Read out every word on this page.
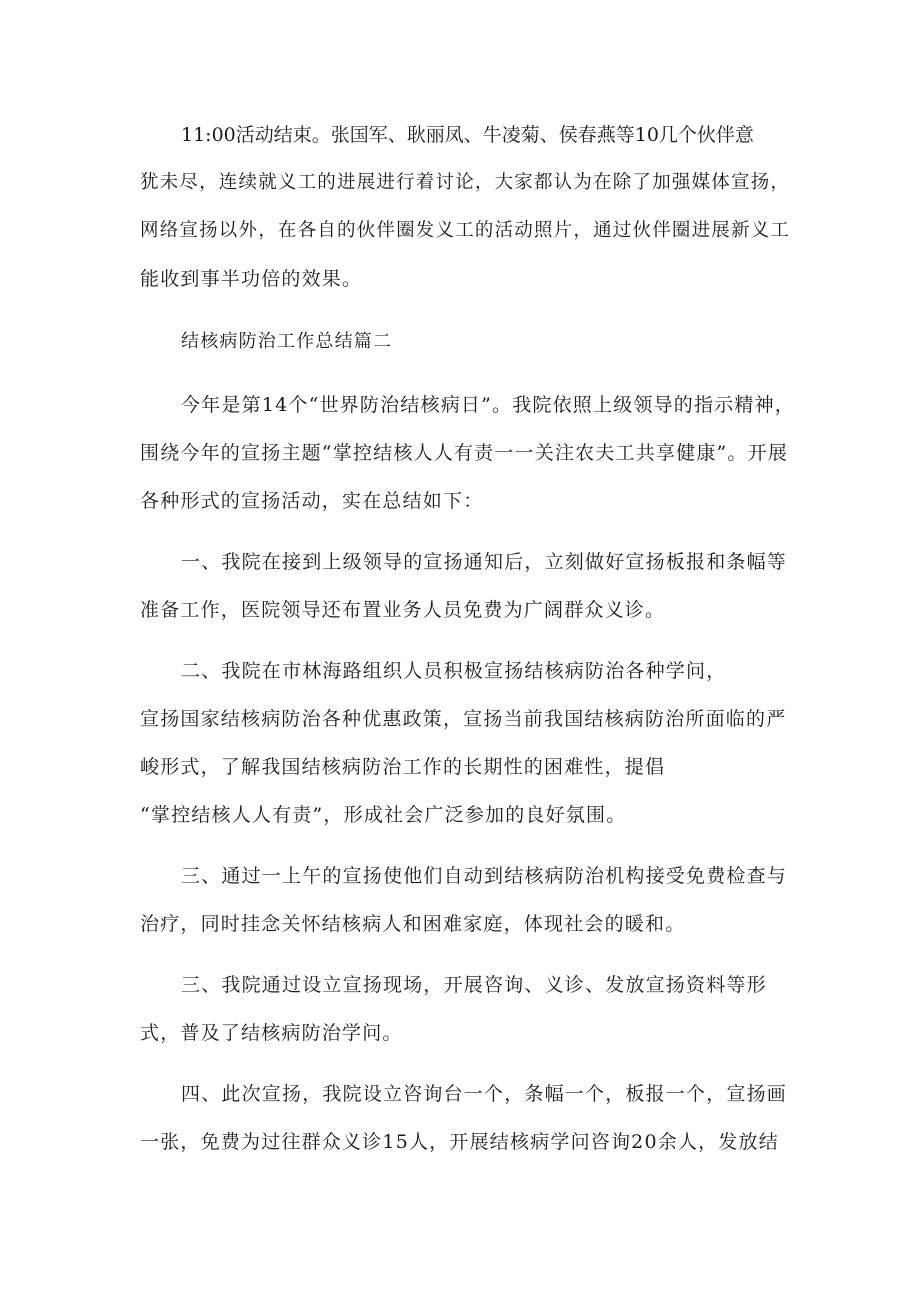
11:00活动结束。张国军、耿丽凤、牛凌菊、侯春燕等10几个伙伴意
犹未尽，连续就义工的进展进行着讨论，大家都认为在除了加强媒体宣扬，
网络宣扬以外，在各自的伙伴圈发义工的活动照片，通过伙伴圈进展新义工
能收到事半功倍的效果。
结核病防治工作总结篇二
今年是第14个“世界防治结核病日”。我院依照上级领导的指示精神，
围绕今年的宣扬主题“掌控结核人人有责一一关注农夫工共享健康”。开展
各种形式的宣扬活动，实在总结如下：
一、我院在接到上级领导的宣扬通知后，立刻做好宣扬板报和条幅等
准备工作，医院领导还布置业务人员免费为广阔群众义诊。
二、我院在市林海路组织人员积极宣扬结核病防治各种学问，
宣扬国家结核病防治各种优惠政策，宣扬当前我国结核病防治所面临的严
峻形式，了解我国结核病防治工作的长期性的困难性，提倡
“掌控结核人人有责”，形成社会广泛参加的良好氛围。
三、通过一上午的宣扬使他们自动到结核病防治机构接受免费检查与
治疗，同时挂念关怀结核病人和困难家庭，体现社会的暖和。
三、我院通过设立宣扬现场，开展咨询、义诊、发放宣扬资料等形
式，普及了结核病防治学问。
四、此次宣扬，我院设立咨询台一个，条幅一个，板报一个，宣扬画
一张，免费为过往群众义诊15人，开展结核病学问咨询20余人，发放结
